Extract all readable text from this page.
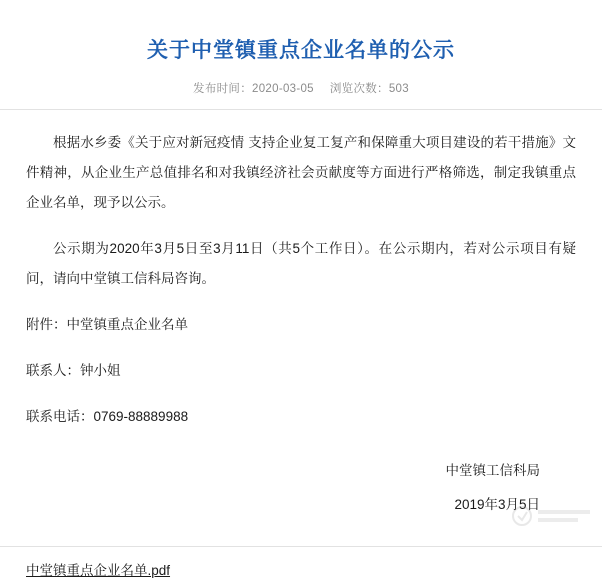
关于中堂镇重点企业名单的公示
发布时间：2020-03-05 浏览次数：503

根据水乡委《关于应对新冠疫情 支持企业复工复产和保障重大项目建设的若干措施》文件精神，从企业生产总值排名和对我镇经济社会贡献度等方面进行严格筛选，制定我镇重点企业名单，现予以公示。

公示期为2020年3月5日至3月11日（共5个工作日）。在公示期内，若对公示项目有疑问，请向中堂镇工信科局咨询。

附件：中堂镇重点企业名单

联系人：钟小姐

联系电话：0769-88889988

中堂镇工信科局
2019年3月5日
中堂镇重点企业名单.pdf
